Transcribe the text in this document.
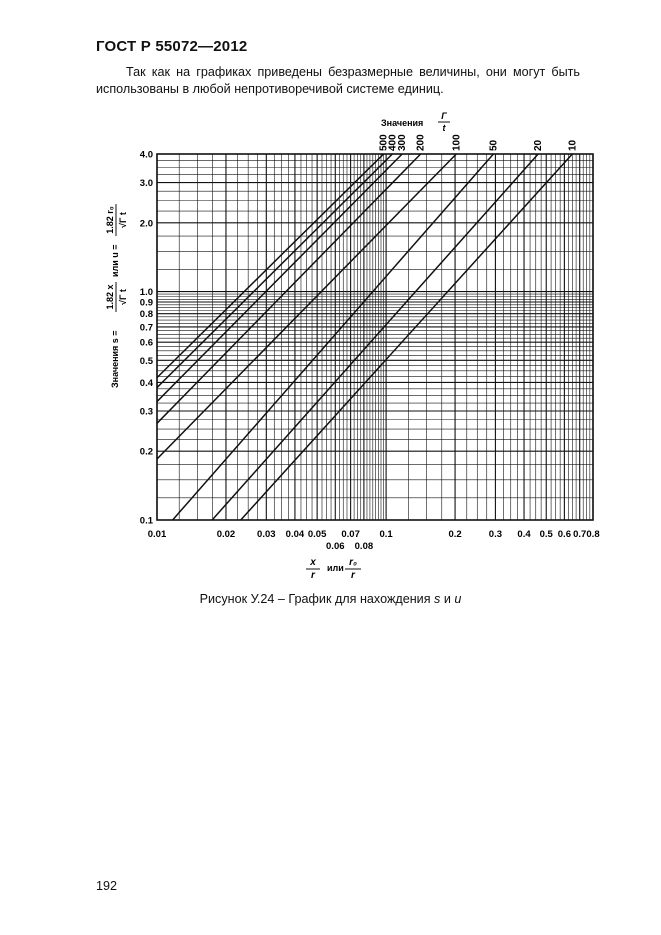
ГОСТ Р 55072—2012
Так как на графиках приведены безразмерные величины, они могут быть использованы в любой непротиворечивой системе единиц.
0.01	0.02 0.03 0.04 0.05
0.06
0.07
0.08
0.1	0.2	0.3 0.4 0.5 0.6 0.7 0.8
0.1
0.2
0.3
0.4
0.5
0.6
0.7
0.8
0.9
1.0
2.0
3.0
4.0
500
400
300 200 100	50	20 10
Значения
Γ
t
x
r
или r₀
r
Значения s =
1.82 x √Γ t
или u =
1.82 r₀ √Γ t
Рисунок У.24 – График для нахождения s и u
192
